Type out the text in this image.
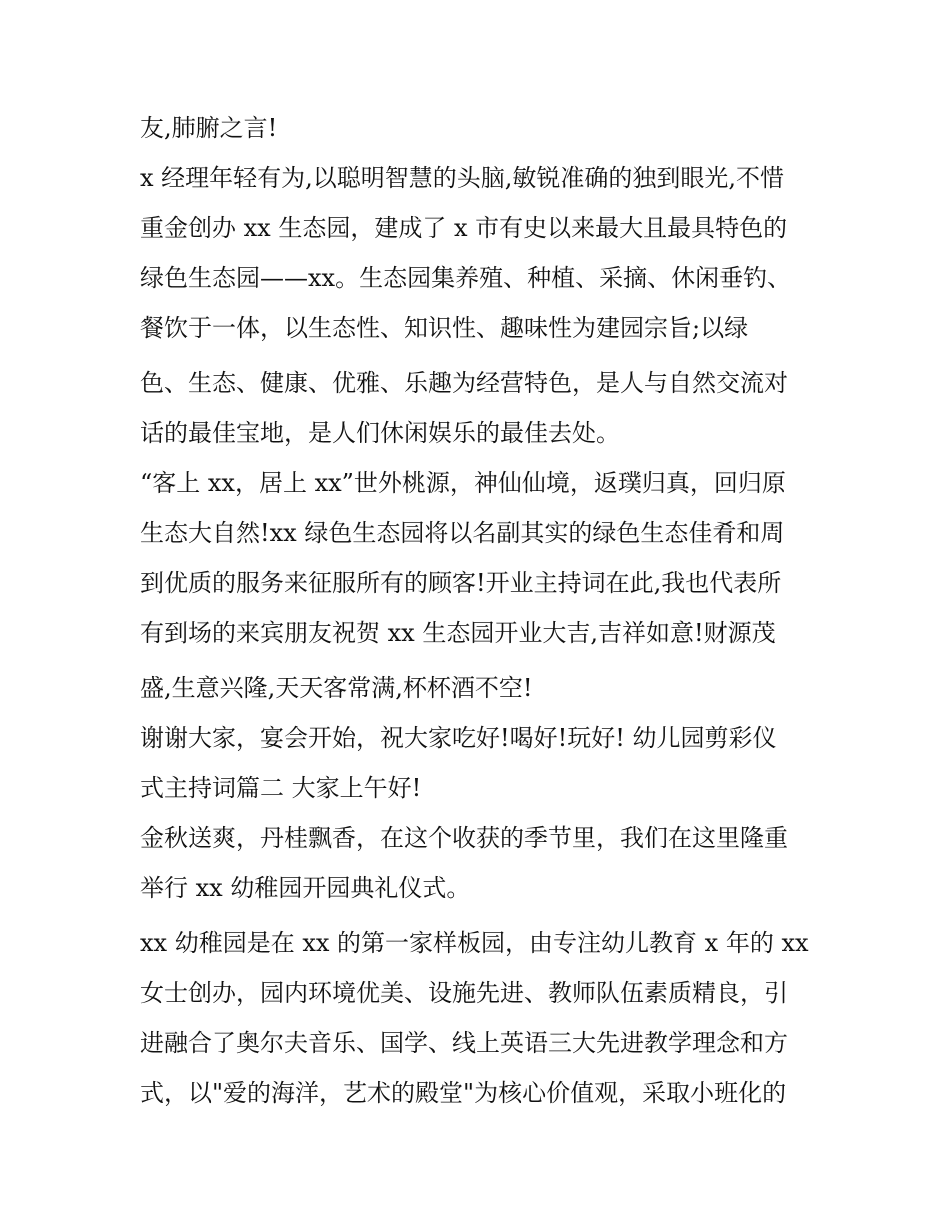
友,肺腑之言!
x 经理年轻有为,以聪明智慧的头脑,敏锐准确的独到眼光,不惜
重金创办 xx 生态园，建成了 x 市有史以来最大且最具特色的
绿色生态园——xx。生态园集养殖、种植、采摘、休闲垂钓、
餐饮于一体，以生态性、知识性、趣味性为建园宗旨;以绿
色、生态、健康、优雅、乐趣为经营特色，是人与自然交流对
话的最佳宝地，是人们休闲娱乐的最佳去处。
“客上 xx，居上 xx”世外桃源，神仙仙境，返璞归真，回归原
生态大自然!xx 绿色生态园将以名副其实的绿色生态佳肴和周
到优质的服务来征服所有的顾客!开业主持词在此,我也代表所
有到场的来宾朋友祝贺 xx 生态园开业大吉,吉祥如意!财源茂
盛,生意兴隆,天天客常满,杯杯酒不空!
谢谢大家，宴会开始，祝大家吃好!喝好!玩好! 幼儿园剪彩仪
式主持词篇二 大家上午好!
金秋送爽，丹桂飘香，在这个收获的季节里，我们在这里隆重
举行 xx 幼稚园开园典礼仪式。
xx 幼稚园是在 xx 的第一家样板园，由专注幼儿教育 x 年的 xx
女士创办，园内环境优美、设施先进、教师队伍素质精良，引
进融合了奥尔夫音乐、国学、线上英语三大先进教学理念和方
式，以"爱的海洋，艺术的殿堂"为核心价值观，采取小班化的
